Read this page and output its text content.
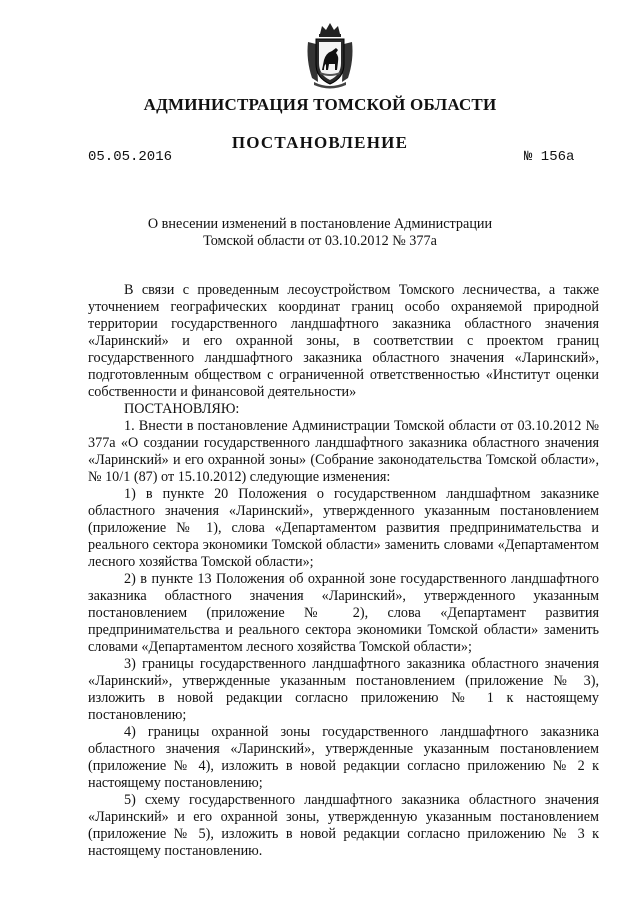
АДМИНИСТРАЦИЯ ТОМСКОЙ ОБЛАСТИ
ПОСТАНОВЛЕНИЕ
05.05.2016	№ 156а
О внесении изменений в постановление Администрации
Томской области от 03.10.2012 № 377а

В связи с проведенным лесоустройством Томского лесничества, а также уточнением географических координат границ особо охраняемой природной территории государственного ландшафтного заказника областного значения «Ларинский» и его охранной зоны, в соответствии с проектом границ государственного ландшафтного заказника областного значения «Ларинский», подготовленным обществом с ограниченной ответственностью «Институт оценки собственности и финансовой деятельности»

ПОСТАНОВЛЯЮ:

1. Внести в постановление Администрации Томской области от 03.10.2012 № 377а «О создании государственного ландшафтного заказника областного значения «Ларинский» и его охранной зоны» (Собрание законодательства Томской области», № 10/1 (87) от 15.10.2012) следующие изменения:

1) в пункте 20 Положения о государственном ландшафтном заказнике областного значения «Ларинский», утвержденного указанным постановлением (приложение № 1), слова «Департаментом развития предпринимательства и реального сектора экономики Томской области» заменить словами «Департаментом лесного хозяйства Томской области»;

2) в пункте 13 Положения об охранной зоне государственного ландшафтного заказника областного значения «Ларинский», утвержденного указанным постановлением (приложение № 2), слова «Департамент развития предпринимательства и реального сектора экономики Томской области» заменить словами «Департаментом лесного хозяйства Томской области»;

3) границы государственного ландшафтного заказника областного значения «Ларинский», утвержденные указанным постановлением (приложение № 3), изложить в новой редакции согласно приложению № 1 к настоящему постановлению;

4) границы охранной зоны государственного ландшафтного заказника областного значения «Ларинский», утвержденные указанным постановлением (приложение № 4), изложить в новой редакции согласно приложению № 2 к настоящему постановлению;

5) схему государственного ландшафтного заказника областного значения «Ларинский» и его охранной зоны, утвержденную указанным постановлением (приложение № 5), изложить в новой редакции согласно приложению № 3 к настоящему постановлению.
